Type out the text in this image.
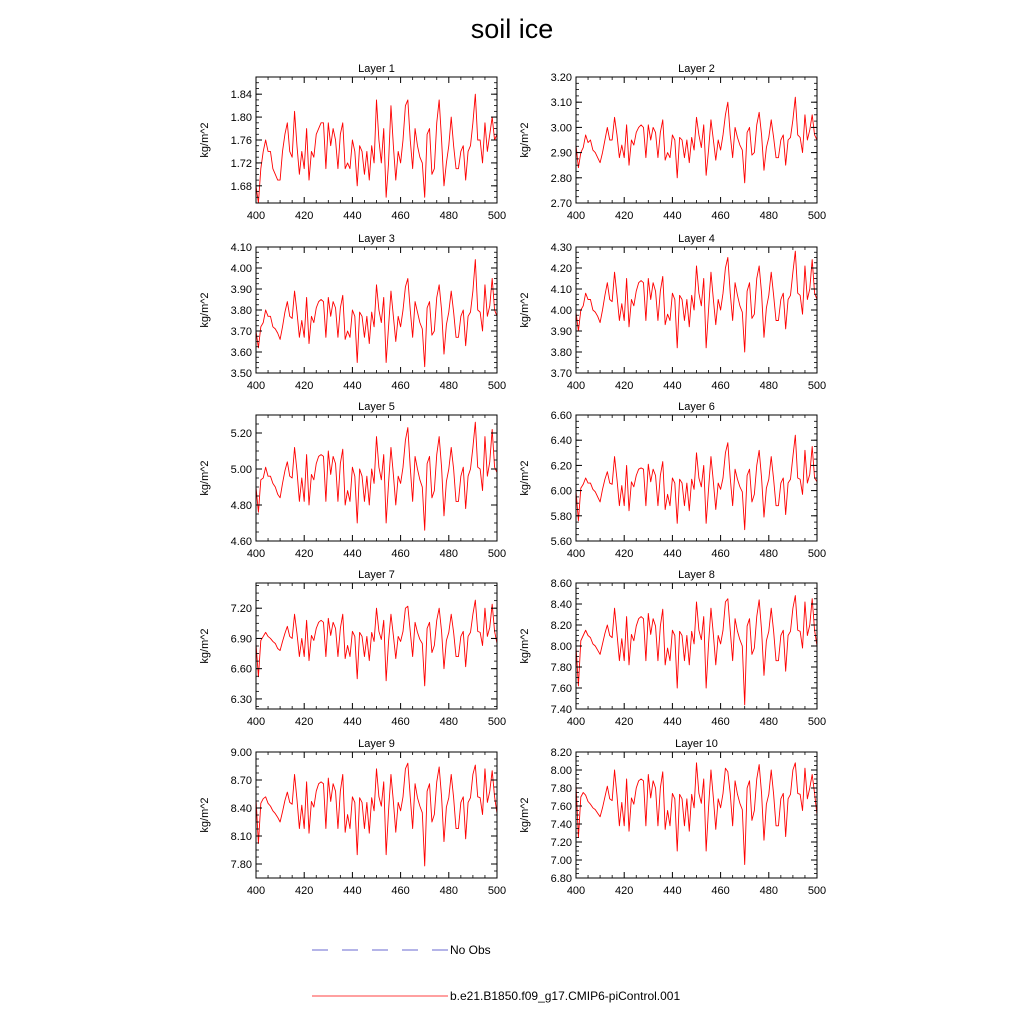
soil ice
400	420	440	460	480	500
1.68
1.72
1.76
1.80
1.84
Layer 1
kg/m^2
400	420	440	460	480	500
2.70
2.80
2.90
3.00
3.10
3.20
Layer 2
kg/m^2
400	420	440	460	480	500
3.50
3.60
3.70
3.80
3.90
4.00
4.10
Layer 3
kg/m^2
400	420	440	460	480	500
3.70
3.80
3.90
4.00
4.10
4.20
4.30
Layer 4
kg/m^2
400	420	440	460	480	500
4.60
4.80
5.00
5.20
Layer 5
kg/m^2
400	420	440	460	480	500
5.60
5.80
6.00
6.20
6.40
6.60
Layer 6
kg/m^2
400	420	440	460	480	500
6.30
6.60
6.90
7.20
Layer 7
kg/m^2
400	420	440	460	480	500
7.40
7.60
7.80
8.00
8.20
8.40
8.60
Layer 8
kg/m^2
400	420	440	460	480	500
7.80
8.10
8.40
8.70
9.00
Layer 9
kg/m^2
400	420	440	460	480	500
6.80
7.00
7.20
7.40
7.60
7.80
8.00
8.20
Layer 10
kg/m^2
No Obs
b.e21.B1850.f09_g17.CMIP6-piControl.001
